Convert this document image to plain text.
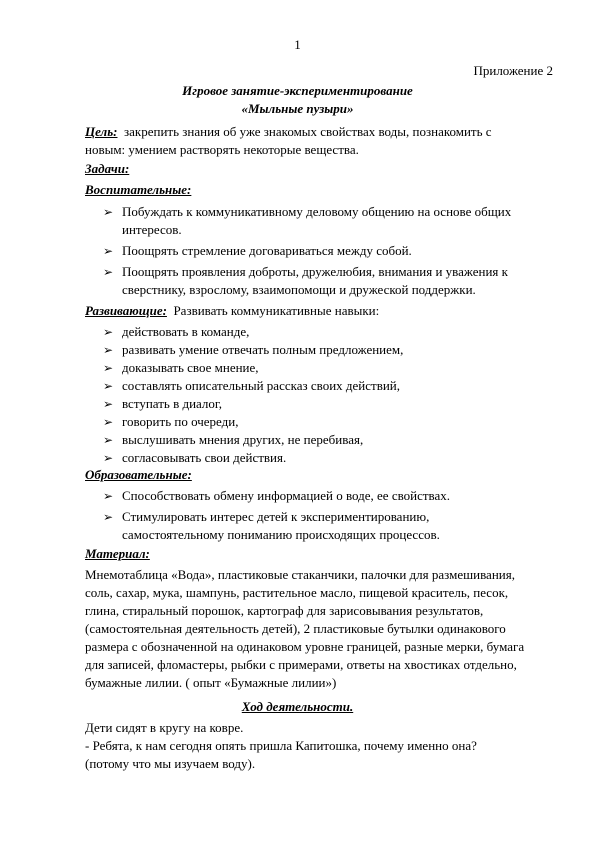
1
Приложение 2
Игровое занятие-экспериментирование
«Мыльные пузыри»
Цель: закрепить знания об уже знакомых свойствах воды, познакомить с
новым: умением растворять некоторые вещества.
Задачи:
Воспитательные:
➢ Побуждать к коммуникативному деловому общению на основе общих
интересов.
➢ Поощрять стремление договариваться между собой.
➢ Поощрять проявления доброты, дружелюбия, внимания и уважения к
сверстнику, взрослому, взаимопомощи и дружеской поддержки.
Развивающие: Развивать коммуникативные навыки:
➢ действовать в команде,
➢ развивать умение отвечать полным предложением,
➢ доказывать свое мнение,
➢ составлять описательный рассказ своих действий,
➢ вступать в диалог,
➢ говорить по очереди,
➢ выслушивать мнения других, не перебивая,
➢ согласовывать свои действия.
Образовательные:
➢ Способствовать обмену информацией о воде, ее свойствах.
➢ Стимулировать интерес детей к экспериментированию,
самостоятельному пониманию происходящих процессов.
Материал:
Мнемотаблица «Вода», пластиковые стаканчики, палочки для размешивания,
соль, сахар, мука, шампунь, растительное масло, пищевой краситель, песок,
глина, стиральный порошок, картограф для зарисовывания результатов,
(самостоятельная деятельность детей), 2 пластиковые бутылки одинакового
размера с обозначенной на одинаковом уровне границей, разные мерки, бумага
для записей, фломастеры, рыбки с примерами, ответы на хвостиках отдельно,
бумажные лилии. ( опыт «Бумажные лилии»)
Ход деятельности.
Дети сидят в кругу на ковре.
- Ребята, к нам сегодня опять пришла Капитошка, почему именно она?
(потому что мы изучаем воду).
